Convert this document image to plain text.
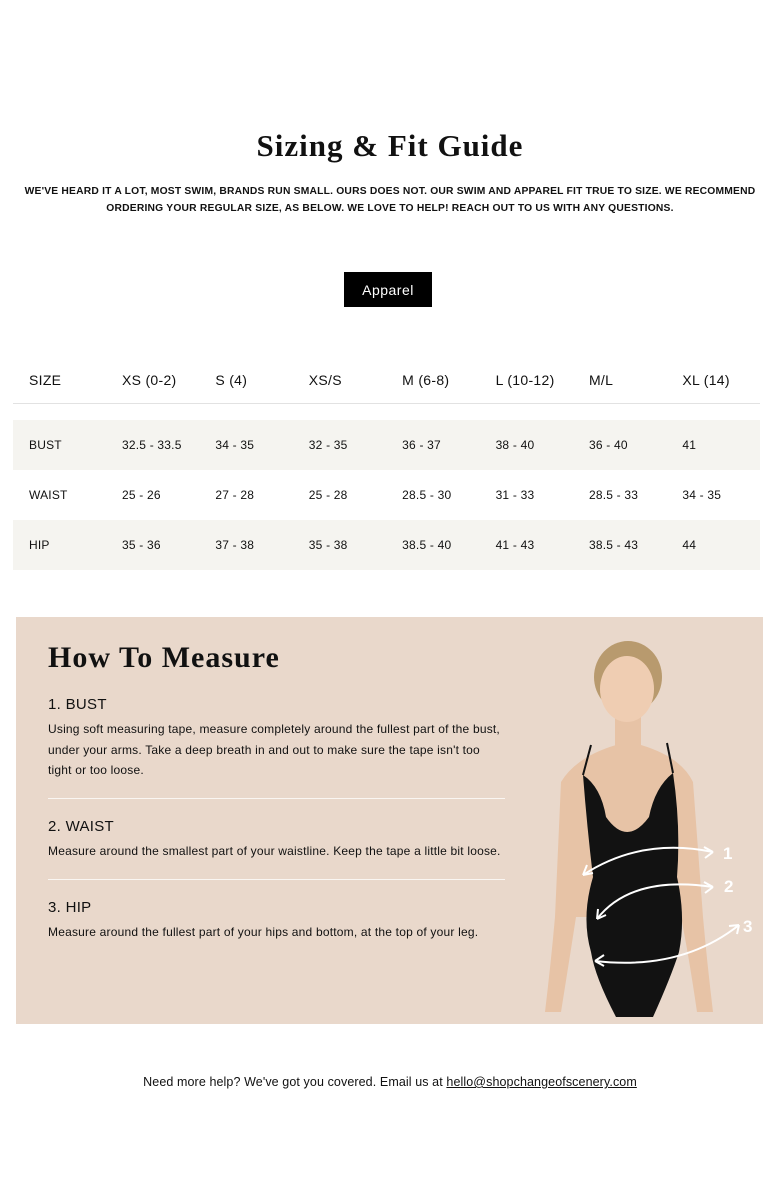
Sizing & Fit Guide

WE'VE HEARD IT A LOT, MOST SWIM, BRANDS RUN SMALL. OURS DOES NOT. OUR SWIM AND APPAREL FIT TRUE TO SIZE. WE RECOMMEND ORDERING YOUR REGULAR SIZE, AS BELOW. WE LOVE TO HELP! REACH OUT TO US WITH ANY QUESTIONS.

Apparel
SIZE	XS (0-2)	S (4)	XS/S	M (6-8)	L (10-12)	M/L	XL (14)
BUST	32.5 - 33.5	34 - 35	32 - 35	36 - 37	38 - 40	36 - 40	41
WAIST	25 - 26	27 - 28	25 - 28	28.5 - 30	31 - 33	28.5 - 33	34 - 35
HIP	35 - 36	37 - 38	35 - 38	38.5 - 40	41 - 43	38.5 - 43	44
How To Measure
1. BUST

Using soft measuring tape, measure completely around the fullest part of the bust, under your arms. Take a deep breath in and out to make sure the tape isn't too tight or too loose.

2. WAIST

Measure around the smallest part of your waistline. Keep the tape a little bit loose.

3. HIP

Measure around the fullest part of your hips and bottom, at the top of your leg.

1
2
3

Need more help? We've got you covered. Email us at hello@shopchangeofscenery.com
